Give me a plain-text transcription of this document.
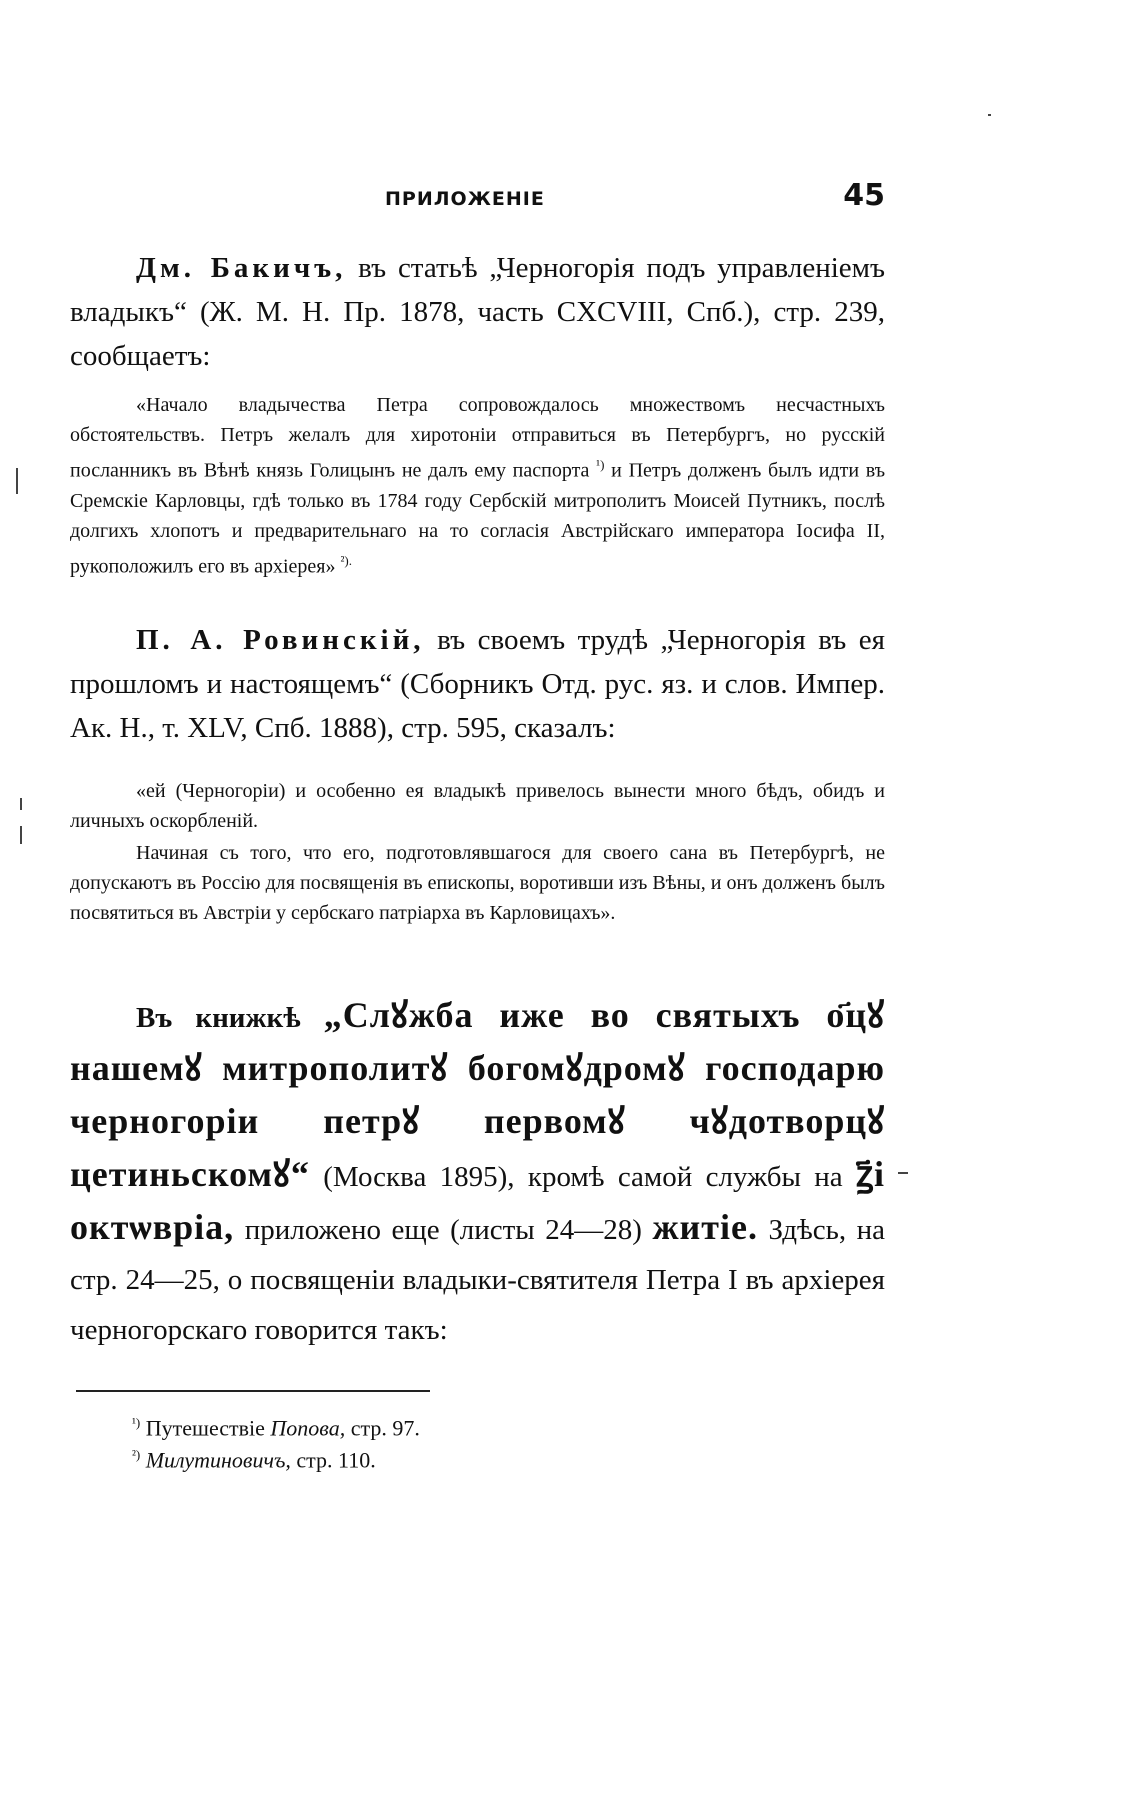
ПРИЛОЖЕНІЕ	45

Дм. Бакичъ, въ статьѣ „Черногорія подъ управленіемъ владыкъ“ (Ж. М. Н. Пр. 1878, часть CXCVIII, Спб.), стр. 239, сообщаетъ:

«Начало владычества Петра сопровождалось множествомъ несчастныхъ обстоятельствъ. Петръ желалъ для хиротоніи отправиться въ Петербургъ, но русскій посланникъ въ Вѣнѣ князь Голицынъ не далъ ему паспорта $^{^1)}$ и Петръ долженъ былъ идти въ Сремскіе Карловцы, гдѣ только въ 1784 году Сербскій митрополитъ Моисей Путникъ, послѣ долгихъ хлопотъ и предварительнаго на то согласія Австрійскаго императора Іосифа II, рукоположилъ его въ архіерея» $^{^2).}$

П. А. Ровинскій, въ своемъ трудѣ „Черногорія въ ея прошломъ и настоящемъ“ (Сборникъ Отд. рус. яз. и слов. Импер. Ак. Н., т. XLV, Спб. 1888), стр. 595, сказалъ:

«ей (Черногоріи) и особенно ея владыкѣ привелось вынести много бѣдъ, обидъ и личныхъ оскорбленій.

Начиная съ того, что его, подготовлявшагося для своего сана въ Петербургѣ, не допускаютъ въ Россію для посвященія въ епископы, воротивши изъ Вѣны, и онъ долженъ былъ посвятиться въ Австріи у сербскаго патріарха въ Карловицахъ».

Въ книжкѣ „Слꙋжба иже во святыхъ о҃цꙋ нашемꙋ митрополитꙋ богомꙋдромꙋ господарю черногоріи петрꙋ первомꙋ чꙋдотворцꙋ цетиньскомꙋ“ (Москва 1895), кромѣ самой службы на ꙁ҃і октѡвріа, приложено еще (листы 24—28) житіе. Здѣсь, на стр. 24—25, о посвященіи владыки-святителя Петра I въ архіерея черногорскаго говорится такъ:

$^{^1)}$ Путешествіе Попова, стр. 97.

$^{^2)}$ Милутиновичъ, стр. 110.
